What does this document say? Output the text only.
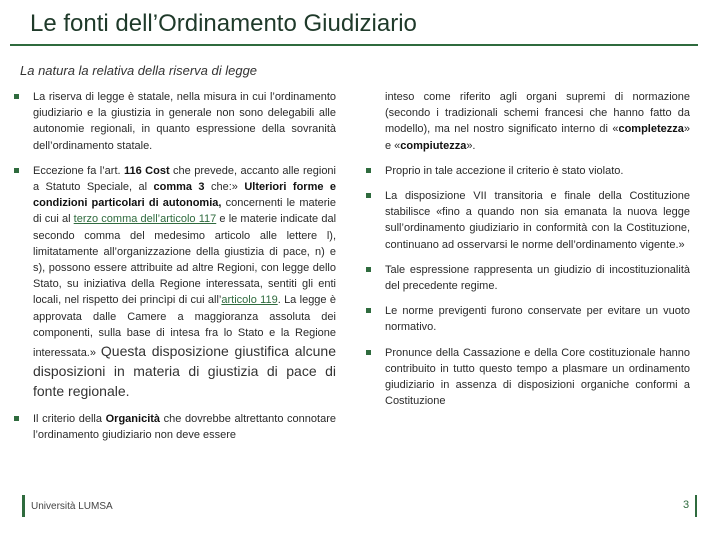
Le fonti dell’Ordinamento Giudiziario
La natura la relativa della riserva di legge
La riserva di legge è statale, nella misura in cui l’ordinamento giudiziario e la giustizia in generale non sono delegabili alle autonomie regionali, in quanto espressione della sovranità dell’ordinamento statale.
Eccezione fa l’art. 116 Cost che prevede, accanto alle regioni a Statuto Speciale, al comma 3 che:» Ulteriori forme e condizioni particolari di autonomia, concernenti le materie di cui al terzo comma dell’articolo 117 e le materie indicate dal secondo comma del medesimo articolo alle lettere l), limitatamente all’organizzazione della giustizia di pace, n) e s), possono essere attribuite ad altre Regioni, con legge dello Stato, su iniziativa della Regione interessata, sentiti gli enti locali, nel rispetto dei princìpi di cui all’articolo 119. La legge è approvata dalle Camere a maggioranza assoluta dei componenti, sulla base di intesa fra lo Stato e la Regione interessata.» Questa disposizione giustifica alcune disposizioni in materia di giustizia di pace di fonte regionale.
Il criterio della Organicità che dovrebbe altrettanto connotare l’ordinamento giudiziario non deve essere
inteso come riferito agli organi supremi di normazione (secondo i tradizionali schemi francesi che hanno fatto da modello), ma nel nostro significato interno di «completezza» e «compiutezza».
Proprio in tale accezione il criterio è stato violato.
La disposizione VII transitoria e finale della Costituzione stabilisce «fino a quando non sia emanata la nuova legge sull’ordinamento giudiziario in conformità con la Costituzione, continuano ad osservarsi le norme dell’ordinamento vigente.»
Tale espressione rappresenta un giudizio di incostituzionalità del precedente regime.
Le norme previgenti furono conservate per evitare un vuoto normativo.
Pronunce della Cassazione e della Core costituzionale hanno contribuito in tutto questo tempo a plasmare un ordinamento giudiziario in assenza di disposizioni organiche conformi a Costituzione
Università LUMSA	3
